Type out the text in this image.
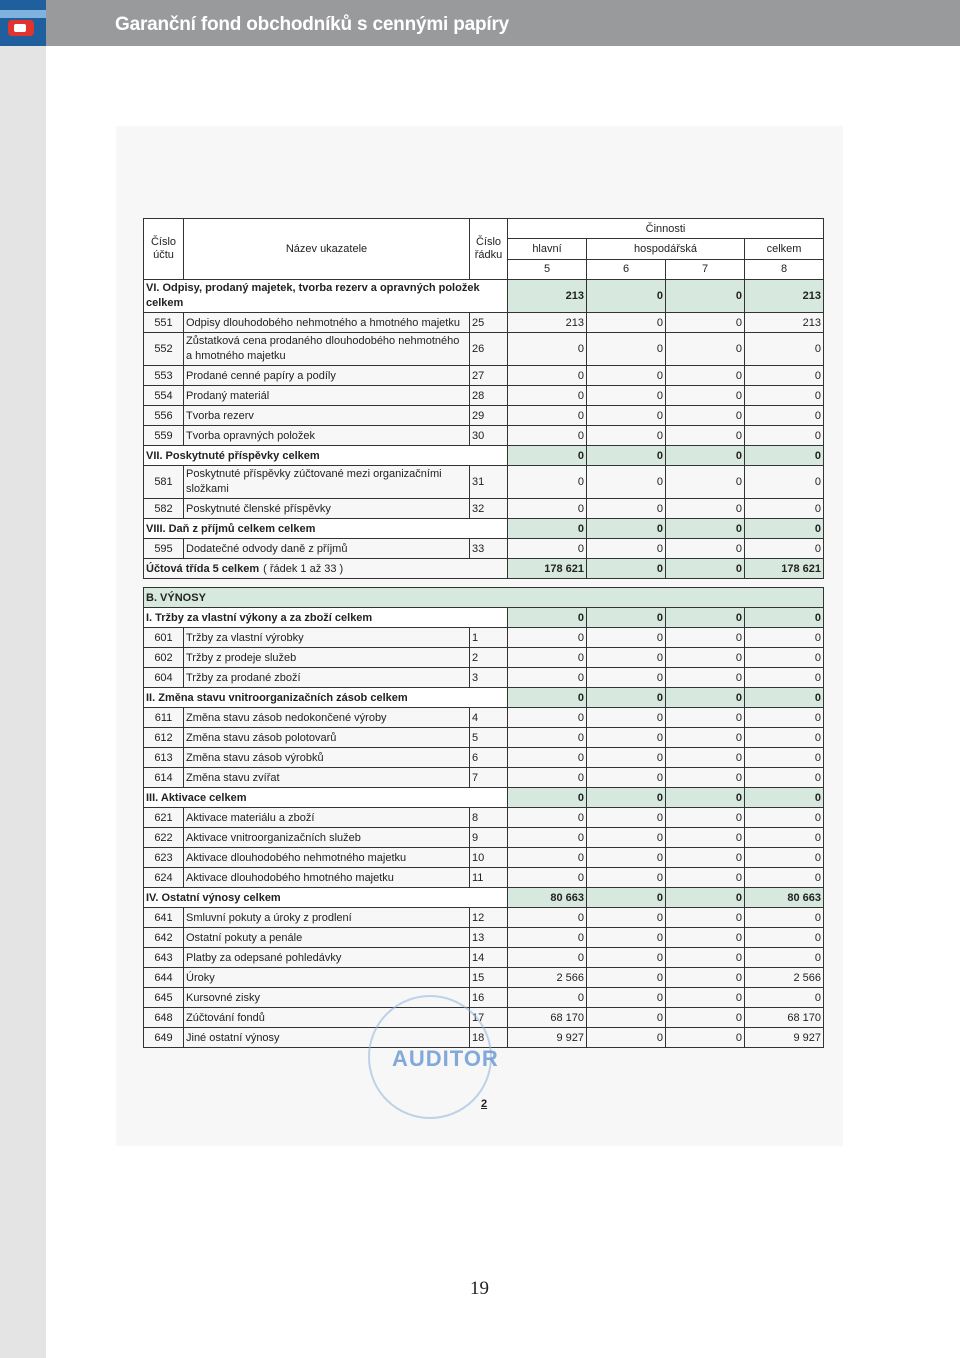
Garanční fond obchodníků s cennými papíry
Číslo účtu	Název ukazatele	Číslo řádku	Činnosti			
			hlavní	hospodářská		celkem
			5	6	7	8
VI. Odpisy, prodaný majetek, tvorba rezerv a opravných položek celkem			213	0	0	213
551	Odpisy dlouhodobého nehmotného a hmotného majetku	25	213	0	0	213
552	Zůstatková cena prodaného dlouhodobého nehmotného a hmotného majetku	26	0	0	0	0
553	Prodané cenné papíry a podíly	27	0	0	0	0
554	Prodaný materiál	28	0	0	0	0
556	Tvorba rezerv	29	0	0	0	0
559	Tvorba opravných položek	30	0	0	0	0
VII. Poskytnuté příspěvky celkem			0	0	0	0
581	Poskytnuté příspěvky zúčtované mezi organizačními složkami	31	0	0	0	0
582	Poskytnuté členské příspěvky	32	0	0	0	0
VIII. Daň z příjmů celkem celkem			0	0	0	0
595	Dodatečné odvody daně z příjmů	33	0	0	0	0
Účtová třída 5 celkem ( řádek 1 až 33 )			178 621	0	0	178 621

B. VÝNOSY						
I. Tržby za vlastní výkony a za zboží celkem			0	0	0	0
601	Tržby za vlastní výrobky	1	0	0	0	0
602	Tržby z prodeje služeb	2	0	0	0	0
604	Tržby za prodané zboží	3	0	0	0	0
II. Změna stavu vnitroorganizačních zásob celkem			0	0	0	0
611	Změna stavu zásob nedokončené výroby	4	0	0	0	0
612	Změna stavu zásob polotovarů	5	0	0	0	0
613	Změna stavu zásob výrobků	6	0	0	0	0
614	Změna stavu zvířat	7	0	0	0	0
III. Aktivace celkem			0	0	0	0
621	Aktivace materiálu a zboží	8	0	0	0	0
622	Aktivace vnitroorganizačních služeb	9	0	0	0	0
623	Aktivace dlouhodobého nehmotného majetku	10	0	0	0	0
624	Aktivace dlouhodobého hmotného majetku	11	0	0	0	0
IV. Ostatní výnosy celkem			80 663	0	0	80 663
641	Smluvní pokuty a úroky z prodlení	12	0	0	0	0
642	Ostatní pokuty a penále	13	0	0	0	0
643	Platby za odepsané pohledávky	14	0	0	0	0
644	Úroky	15	2 566	0	0	2 566
645	Kursovné zisky	16	0	0	0	0
648	Zúčtování fondů	17	68 170	0	0	68 170
649	Jiné ostatní výnosy	18	9 927	0	0	9 927
AUDITOR
2
19
